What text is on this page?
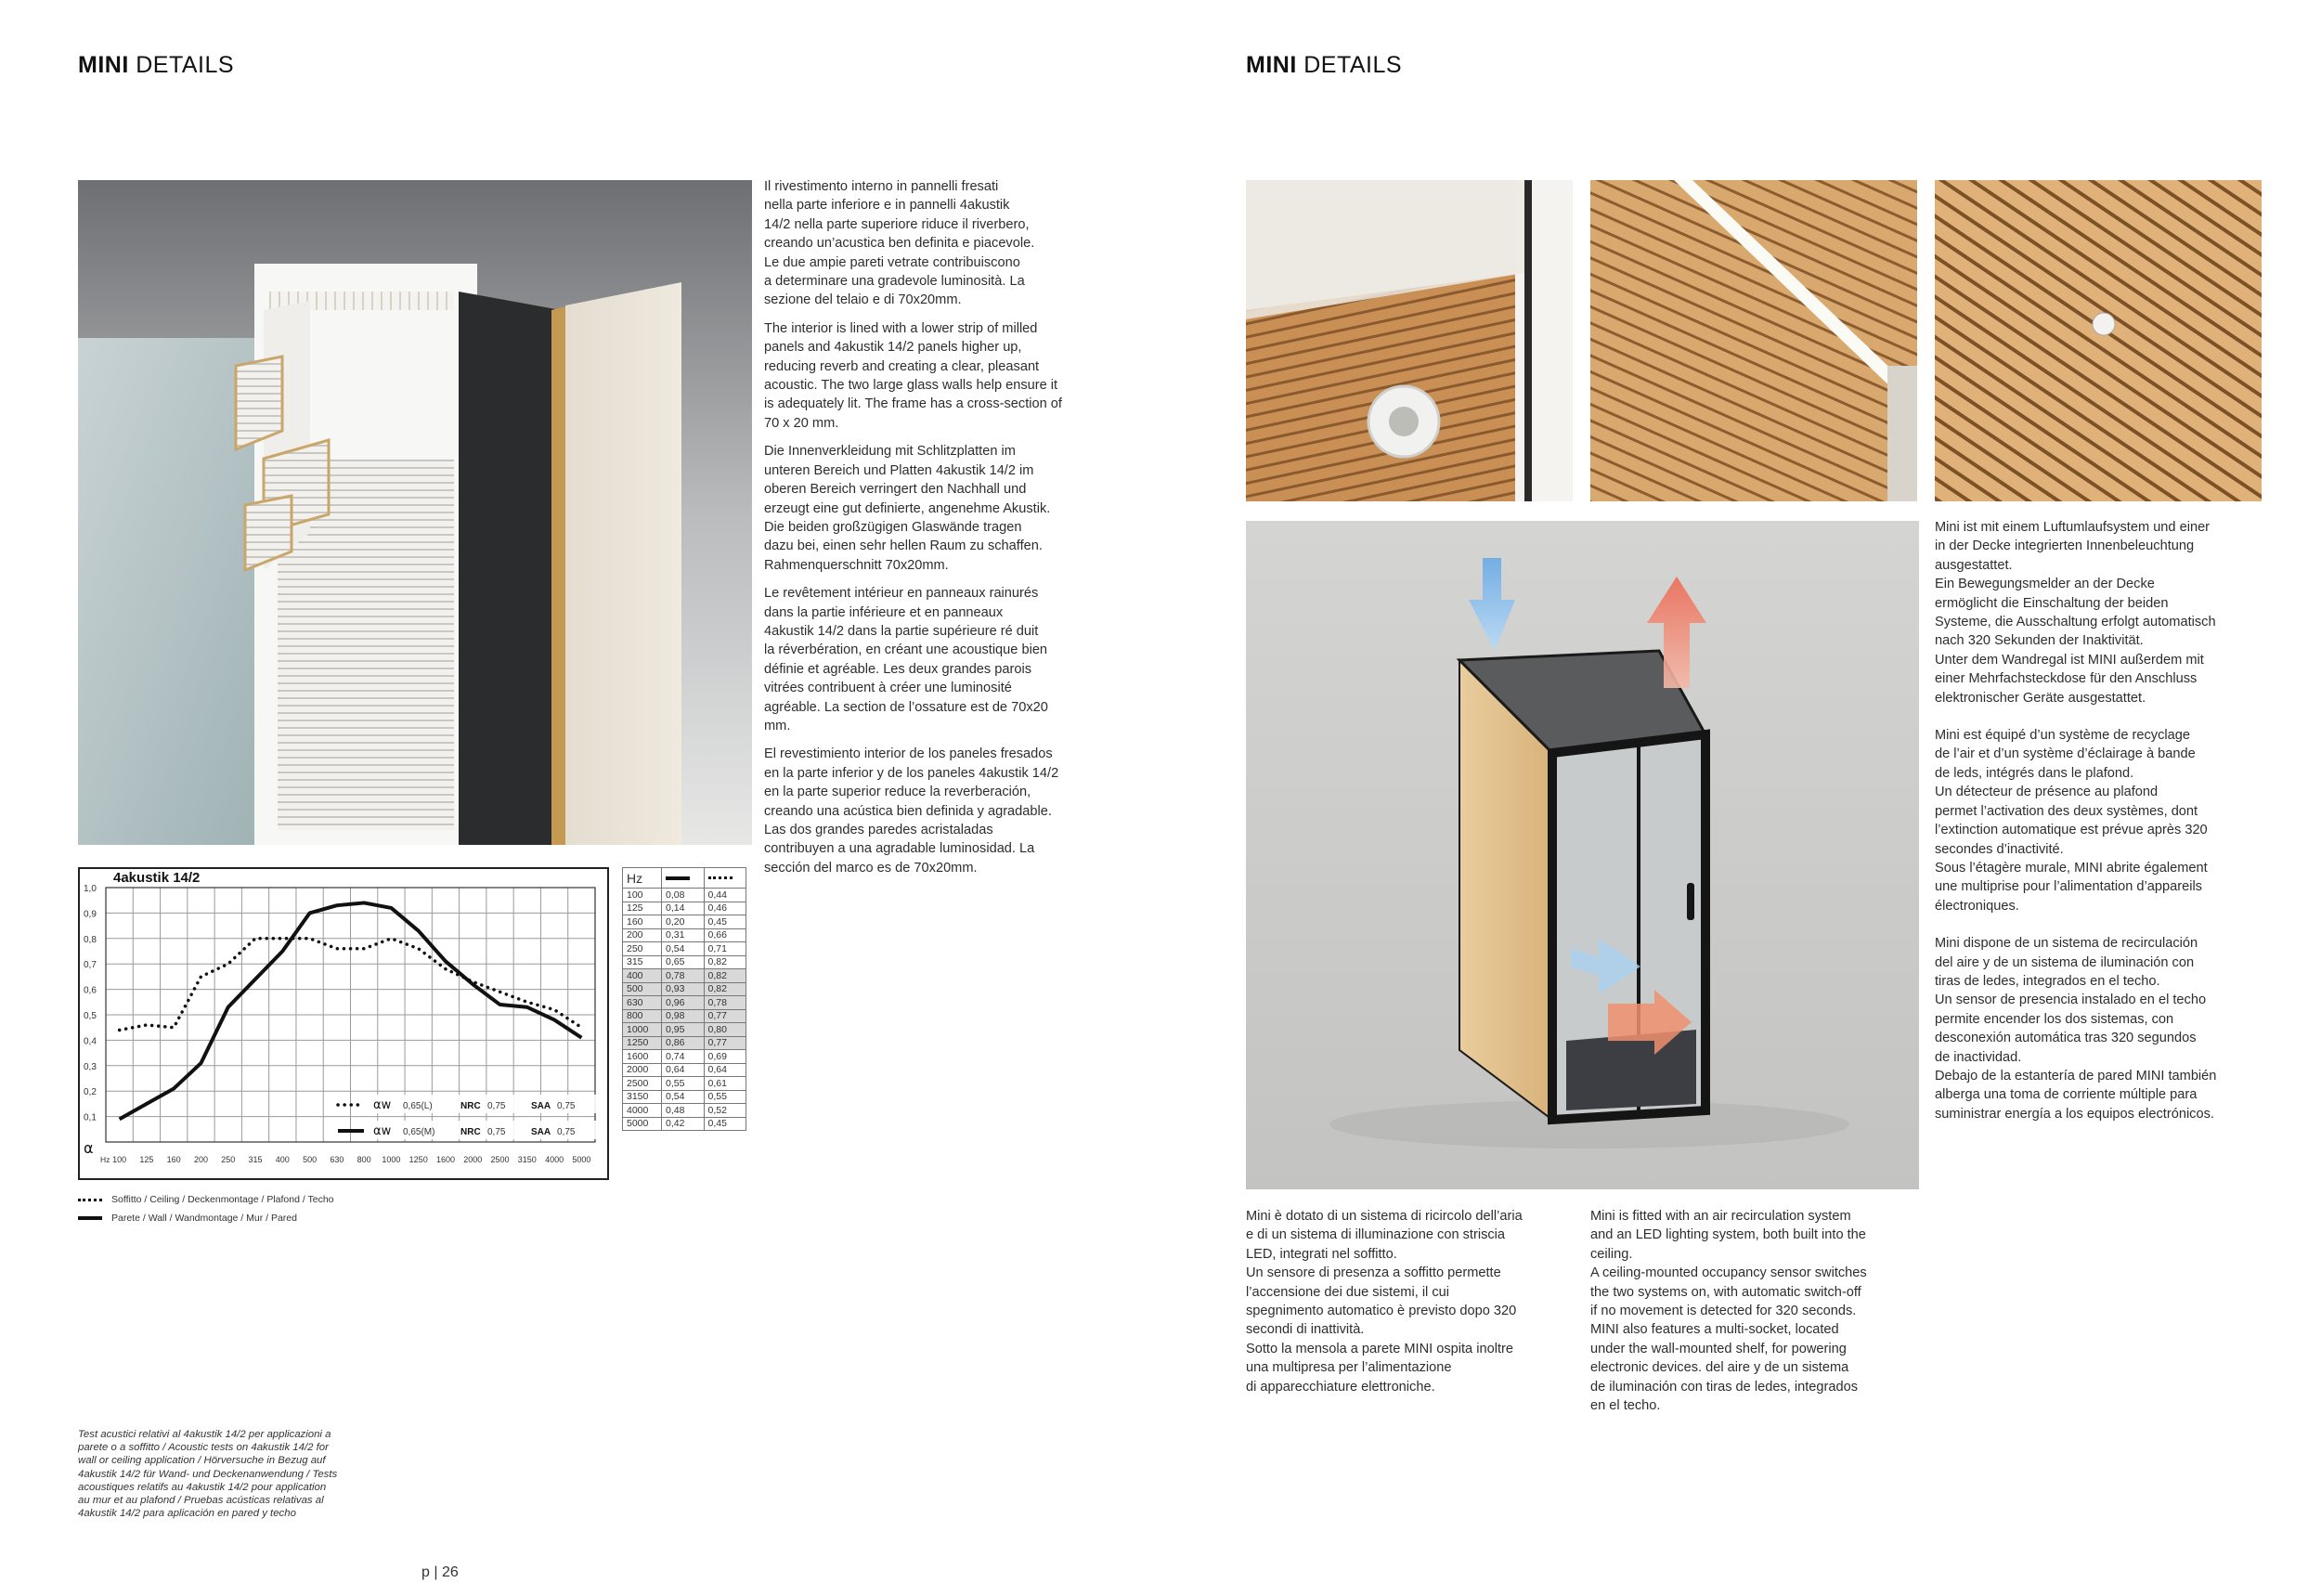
MINI DETAILS

Il rivestimento interno in pannelli fresati
nella parte inferiore e in pannelli 4akustik
14/2 nella parte superiore riduce il riverbero,
creando un’acustica ben definita e piacevole.
Le due ampie pareti vetrate contribuiscono
a determinare una gradevole luminosità. La
sezione del telaio e di 70x20mm.

The interior is lined with a lower strip of milled
panels and 4akustik 14/2 panels higher up,
reducing reverb and creating a clear, pleasant
acoustic. The two large glass walls help ensure it
is adequately lit. The frame has a cross-section of
70 x 20 mm.

Die Innenverkleidung mit Schlitzplatten im
unteren Bereich und Platten 4akustik 14/2 im
oberen Bereich verringert den Nachhall und
erzeugt eine gut definierte, angenehme Akustik.
Die beiden großzügigen Glaswände tragen
dazu bei, einen sehr hellen Raum zu schaffen.
Rahmenquerschnitt 70x20mm.

Le revêtement intérieur en panneaux rainurés
dans la partie inférieure et en panneaux
4akustik 14/2 dans la partie supérieure ré duit
la réverbération, en créant une acoustique bien
définie et agréable. Les deux grandes parois
vitrées contribuent à créer une luminosité
agréable. La section de l’ossature est de 70x20
mm.

El revestimiento interior de los paneles fresados
en la parte inferior y de los paneles 4akustik 14/2
en la parte superior reduce la reverberación,
creando una acústica bien definida y agradable.
Las dos grandes paredes acristaladas
contribuyen a una agradable luminosidad. La
sección del marco es de 70x20mm.

4akustik 14/2
1,0
0,9
0,8
0,7
0,6
0,5
0,4
0,3
0,2
0,1
α
Hz 100 125 160 200 250 315 400 500 630 800 1000 1250 1600 2000 2500 3150 4000 5000
αw 0,65(L)	NRC 0,75	SAA 0,75
αw 0,65(M)	NRC 0,75	SAA 0,75
Hz	

100	0,08	0,44
125	0,14	0,46
160	0,20	0,45
200	0,31	0,66
250	0,54	0,71
315	0,65	0,82
400	0,78	0,82
500	0,93	0,82
630	0,96	0,78
800	0,98	0,77
1000	0,95	0,80
1250	0,86	0,77
1600	0,74	0,69
2000	0,64	0,64
2500	0,55	0,61
3150	0,54	0,55
4000	0,48	0,52
5000	0,42	0,45
Soffitto / Ceiling / Deckenmontage / Plafond / Techo
Parete / Wall / Wandmontage / Mur / Pared
Test acustici relativi al 4akustik 14/2 per applicazioni a
parete o a soffitto / Acoustic tests on 4akustik 14/2 for
wall or ceiling application / Hörversuche in Bezug auf
4akustik 14/2 für Wand- und Deckenanwendung / Tests
acoustiques relatifs au 4akustik 14/2 pour application
au mur et au plafond / Pruebas acústicas relativas al
4akustik 14/2 para aplicación en pared y techo
p | 26
MINI DETAILS

Mini ist mit einem Luftumlaufsystem und einer
in der Decke integrierten Innenbeleuchtung
ausgestattet.
Ein Bewegungsmelder an der Decke
ermöglicht die Einschaltung der beiden
Systeme, die Ausschaltung erfolgt automatisch
nach 320 Sekunden der Inaktivität.
Unter dem Wandregal ist MINI außerdem mit
einer Mehrfachsteckdose für den Anschluss
elektronischer Geräte ausgestattet.

Mini est équipé d’un système de recyclage
de l’air et d’un système d’éclairage à bande
de leds, intégrés dans le plafond.
Un détecteur de présence au plafond
permet l’activation des deux systèmes, dont
l’extinction automatique est prévue après 320
secondes d’inactivité.
Sous l’étagère murale, MINI abrite également
une multiprise pour l’alimentation d’appareils
électroniques.

Mini dispone de un sistema de recirculación
del aire y de un sistema de iluminación con
tiras de ledes, integrados en el techo.
Un sensor de presencia instalado en el techo
permite encender los dos sistemas, con
desconexión automática tras 320 segundos
de inactividad.
Debajo de la estantería de pared MINI también
alberga una toma de corriente múltiple para
suministrar energía a los equipos electrónicos.

Mini è dotato di un sistema di ricircolo dell’aria
e di un sistema di illuminazione con striscia
LED, integrati nel soffitto.
Un sensore di presenza a soffitto permette
l’accensione dei due sistemi, il cui
spegnimento automatico è previsto dopo 320
secondi di inattività.
Sotto la mensola a parete MINI ospita inoltre
una multipresa per l’alimentazione
di apparecchiature elettroniche.

Mini is fitted with an air recirculation system
and an LED lighting system, both built into the
ceiling.
A ceiling-mounted occupancy sensor switches
the two systems on, with automatic switch-off
if no movement is detected for 320 seconds.
MINI also features a multi-socket, located
under the wall-mounted shelf, for powering
electronic devices. del aire y de un sistema
de iluminación con tiras de ledes, integrados
en el techo.
